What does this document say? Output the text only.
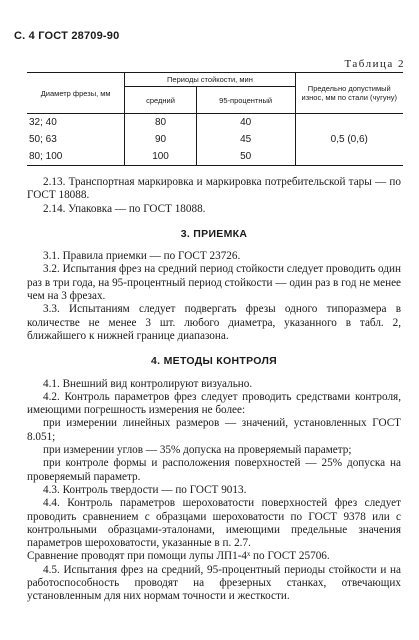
С. 4 ГОСТ 28709-90
Таблица 2
Диаметр фрезы, мм	Периоды стойкости, мин		Предельно допустимый износ, мм по стали (чугуну)
	средний	95-процентный	
32; 40	80	40	0,5 (0,6)
50; 63	90	45	
80; 100	100	50	

2.13. Транспортная маркировка и маркировка потребительской тары — по ГОСТ 18088.

2.14. Упаковка — по ГОСТ 18088.

3. ПРИЕМКА

3.1. Правила приемки — по ГОСТ 23726.

3.2. Испытания фрез на средний период стойкости следует проводить один раз в три года, на 95-процентный период стойкости — один раз в год не менее чем на 3 фрезах.

3.3. Испытаниям следует подвергать фрезы одного типоразмера в количестве не менее 3 шт. любого диаметра, указанного в табл. 2, ближайшего к нижней границе диапазона.

4. МЕТОДЫ КОНТРОЛЯ

4.1. Внешний вид контролируют визуально.

4.2. Контроль параметров фрез следует проводить средствами контроля, имеющими погрешность измерения не более:

при измерении линейных размеров — значений, установленных ГОСТ 8.051;

при измерении углов — 35% допуска на проверяемый параметр;

при контроле формы и расположения поверхностей — 25% допуска на проверяемый параметр.

4.3. Контроль твердости — по ГОСТ 9013.

4.4. Контроль параметров шероховатости поверхностей фрез следует проводить сравнением с образцами шероховатости по ГОСТ 9378 или с контрольными образцами-эталонами, имеющими предельные значения параметров шероховатости, указанные в п. 2.7.

Сравнение проводят при помощи лупы ЛП1-4ˣ по ГОСТ 25706.

4.5. Испытания фрез на средний, 95-процентный периоды стойкости и на работоспособность проводят на фрезерных станках, отвечающих установленным для них нормам точности и жесткости.
